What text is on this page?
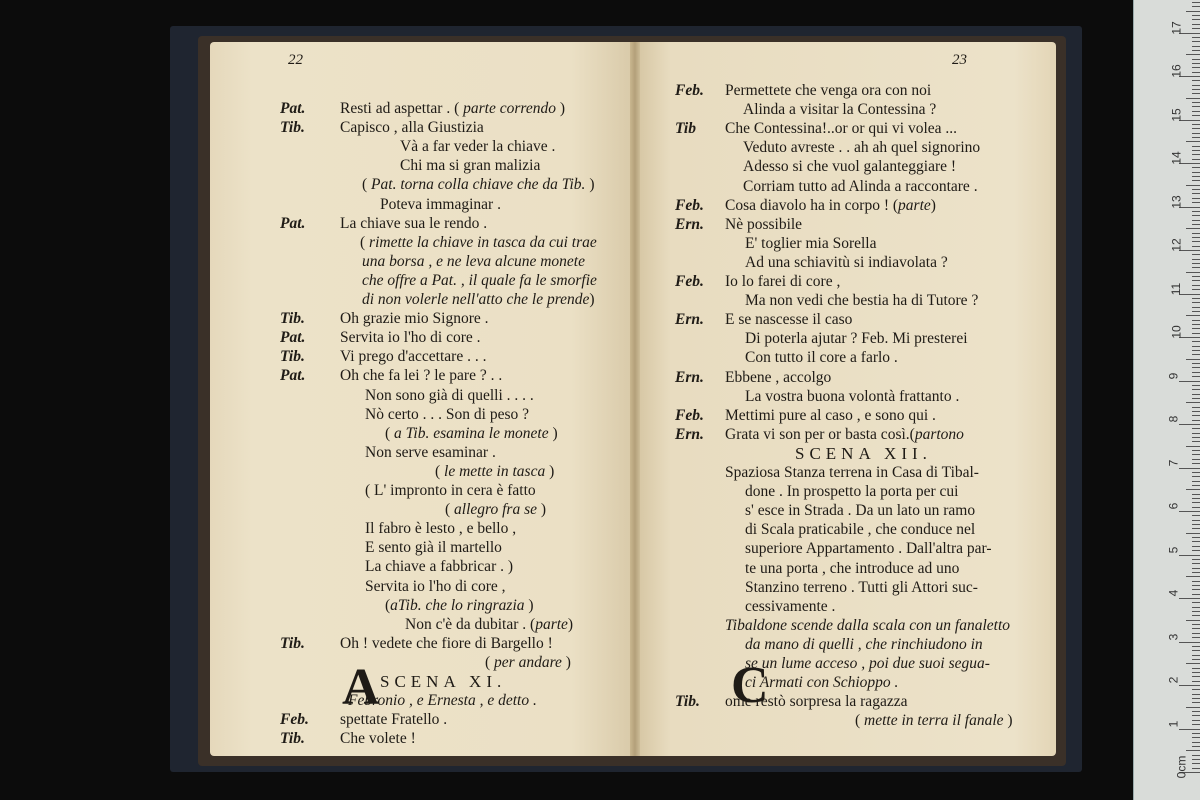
22
Pat. Resti ad aspettar . ( parte correndo )
Tib. Capisco , alla Giustizia
Và a far veder la chiave .
Chi ma si gran malizia
( Pat. torna colla chiave che da Tib. )
Poteva immaginar .
Pat. La chiave sua le rendo .
( rimette la chiave in tasca da cui trae
una borsa , e ne leva alcune monete
che offre a Pat. , il quale fa le smorfie
di non volerle nell'atto che le prende)
Tib. Oh grazie mio Signore .
Pat. Servita io l'ho di core .
Tib. Vi prego d'accettare . . .
Pat. Oh che fa lei ? le pare ? . .
Non sono già di quelli . . . .
Nò certo . . . Son di peso ?
( a Tib. esamina le monete )
Non serve esaminar .
( le mette in tasca )
( L' impronto in cera è fatto
( allegro fra se )
Il fabro è lesto , e bello ,
E sento già il martello
La chiave a fabbricar . )
Servita io l'ho di core ,
(aTib. che lo ringrazia )
Non c'è da dubitar . (parte)
Tib. Oh ! vedete che fiore di Bargello !
( per andare )
SCENA XI.
Febronio , e Ernesta , e detto .
Feb. spettate Fratello .
Tib. Che volete !
A
23
Feb. Permettete che venga ora con noi
Alinda a visitar la Contessina ?
Tib Che Contessina!..or or qui vi volea ...
Veduto avreste . . ah ah quel signorino
Adesso si che vuol galanteggiare !
Corriam tutto ad Alinda a raccontare .
Feb. Cosa diavolo ha in corpo ! (parte)
Ern. Nè possibile
E' toglier mia Sorella
Ad una schiavitù si indiavolata ?
Feb. Io lo farei di core ,
Ma non vedi che bestia ha di Tutore ?
Ern. E se nascesse il caso
Di poterla ajutar ? Feb. Mi presterei
Con tutto il core a farlo .
Ern. Ebbene , accolgo
La vostra buona volontà frattanto .
Feb. Mettimi pure al caso , e sono qui .
Ern. Grata vi son per or basta così.(partono
SCENA XII.
Spaziosa Stanza terrena in Casa di Tibal-
done . In prospetto la porta per cui
s' esce in Strada . Da un lato un ramo
di Scala praticabile , che conduce nel
superiore Appartamento . Dall'altra par-
te una porta , che introduce ad uno
Stanzino terreno . Tutti gli Attori suc-
cessivamente .
Tibaldone scende dalla scala con un fanaletto
da mano di quelli , che rinchiudono in
se un lume acceso , poi due suoi segua-
ci Armati con Schioppo .
Tib. ome restò sorpresa la ragazza
( mette in terra il fanale )
C
17
16
15
14
13
12
11
10
9
8
7
6
5
4
3
2
1
0cm
